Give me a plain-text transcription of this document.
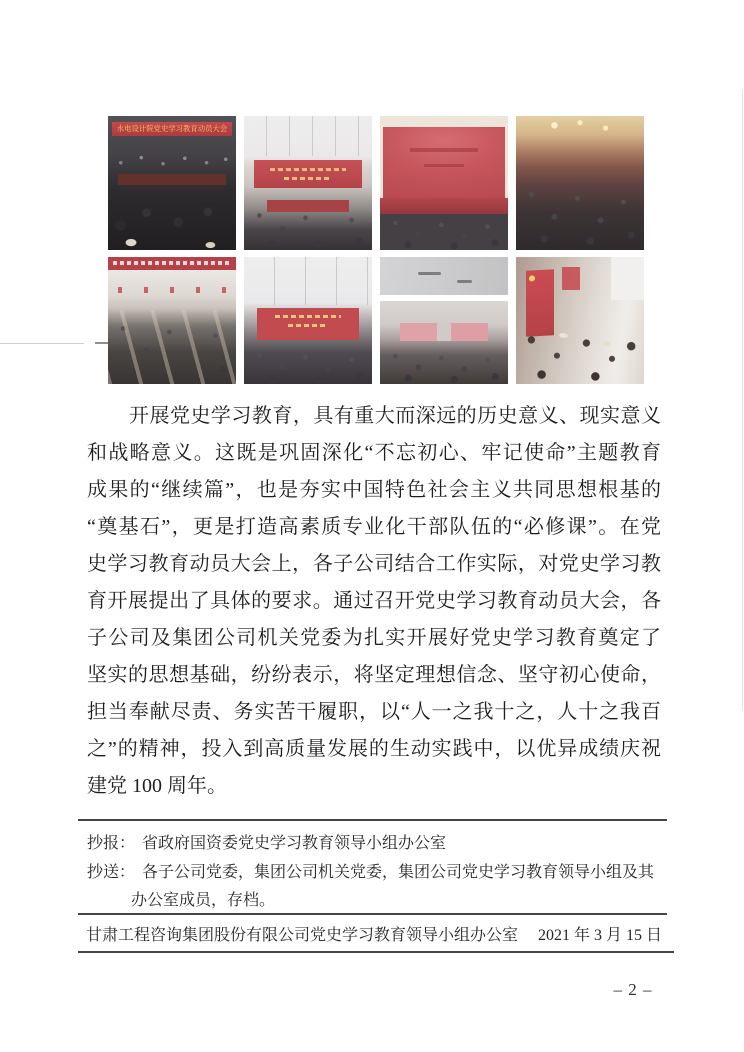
水电设计院党史学习教育动员大会
开展党史学习教育，具有重大而深远的历史意义、现实意义
和战略意义。这既是巩固深化“不忘初心、牢记使命”主题教育
成果的“继续篇”，也是夯实中国特色社会主义共同思想根基的
“奠基石”，更是打造高素质专业化干部队伍的“必修课”。在党
史学习教育动员大会上，各子公司结合工作实际，对党史学习教
育开展提出了具体的要求。通过召开党史学习教育动员大会，各
子公司及集团公司机关党委为扎实开展好党史学习教育奠定了
坚实的思想基础，纷纷表示，将坚定理想信念、坚守初心使命，
担当奉献尽责、务实苦干履职，以“人一之我十之，人十之我百
之”的精神，投入到高质量发展的生动实践中，以优异成绩庆祝
建党 100 周年。
抄报： 省政府国资委党史学习教育领导小组办公室
抄送： 各子公司党委，集团公司机关党委，集团公司党史学习教育领导小组及其
办公室成员，存档。
甘肃工程咨询集团股份有限公司党史学习教育领导小组办公室 2021 年 3 月 15 日
– 2 –
